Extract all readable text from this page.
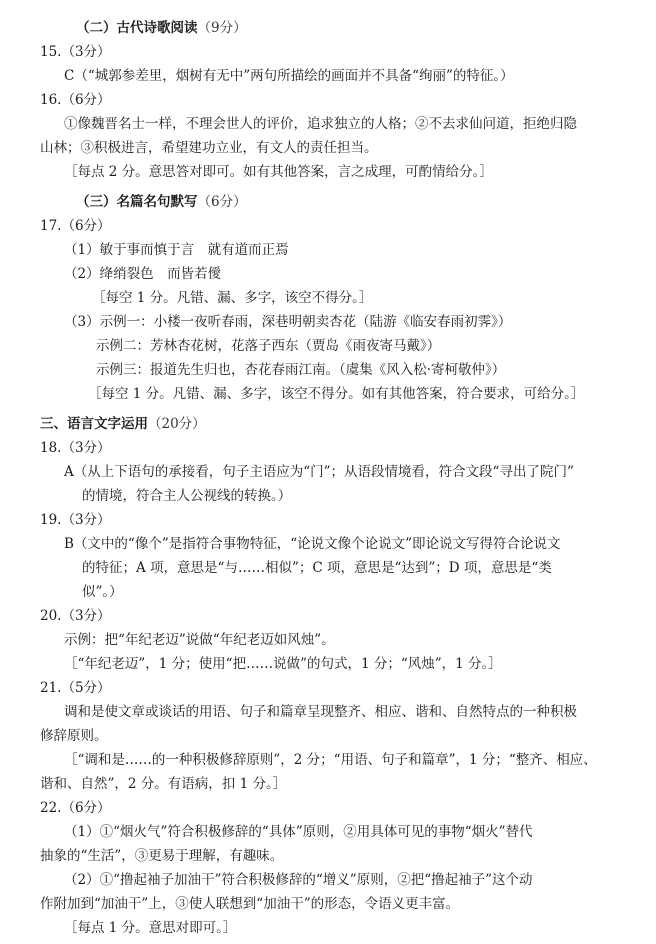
（二）古代诗歌阅读（9分）
15.（3分）
C（“城郭参差里，烟树有无中”两句所描绘的画面并不具备“绚丽”的特征。）
16.（6分）
①像魏晋名士一样，不理会世人的评价，追求独立的人格；②不去求仙问道，拒绝归隐
山林；③积极进言，希望建功立业，有文人的责任担当。
［每点 2 分。意思答对即可。如有其他答案，言之成理，可酌情给分。］
（三）名篇名句默写（6分）
17.（6分）
（1）敏于事而慎于言　就有道而正焉
（2）绛绡裂色　而皆若僾
［每空 1 分。凡错、漏、多字，该空不得分。］
（3）示例一：小楼一夜听春雨，深巷明朝卖杏花（陆游《临安春雨初霁》）
示例二：芳林杏花树，花落子西东（贾岛《雨夜寄马戴》）
示例三：报道先生归也，杏花春雨江南。（虞集《风入松·寄柯敬仲》）
［每空 1 分。凡错、漏、多字，该空不得分。如有其他答案，符合要求，可给分。］
三、语言文字运用（20分）
18.（3分）
A（从上下语句的承接看，句子主语应为“门”；从语段情境看，符合文段“寻出了院门”
的情境，符合主人公视线的转换。）
19.（3分）
B（文中的“像个”是指符合事物特征，“论说文像个论说文”即论说文写得符合论说文
的特征；A 项，意思是“与……相似”；C 项，意思是“达到”；D 项，意思是“类
似”。）
20.（3分）
示例：把“年纪老迈”说做“年纪老迈如风烛”。
［“年纪老迈”，1 分；使用“把……说做”的句式，1 分；“风烛”，1 分。］
21.（5分）
调和是使文章或谈话的用语、句子和篇章呈现整齐、相应、谐和、自然特点的一种积极
修辞原则。
［“调和是……的一种积极修辞原则”，2 分；“用语、句子和篇章”，1 分；“整齐、相应、
谐和、自然”，2 分。有语病，扣 1 分。］
22.（6分）
（1）①“烟火气”符合积极修辞的“具体”原则，②用具体可见的事物“烟火”替代
抽象的“生活”，③更易于理解，有趣味。
（2）①“撸起袖子加油干”符合积极修辞的“增义”原则，②把“撸起袖子”这个动
作附加到“加油干”上，③使人联想到“加油干”的形态，令语义更丰富。
［每点 1 分。意思对即可。］
